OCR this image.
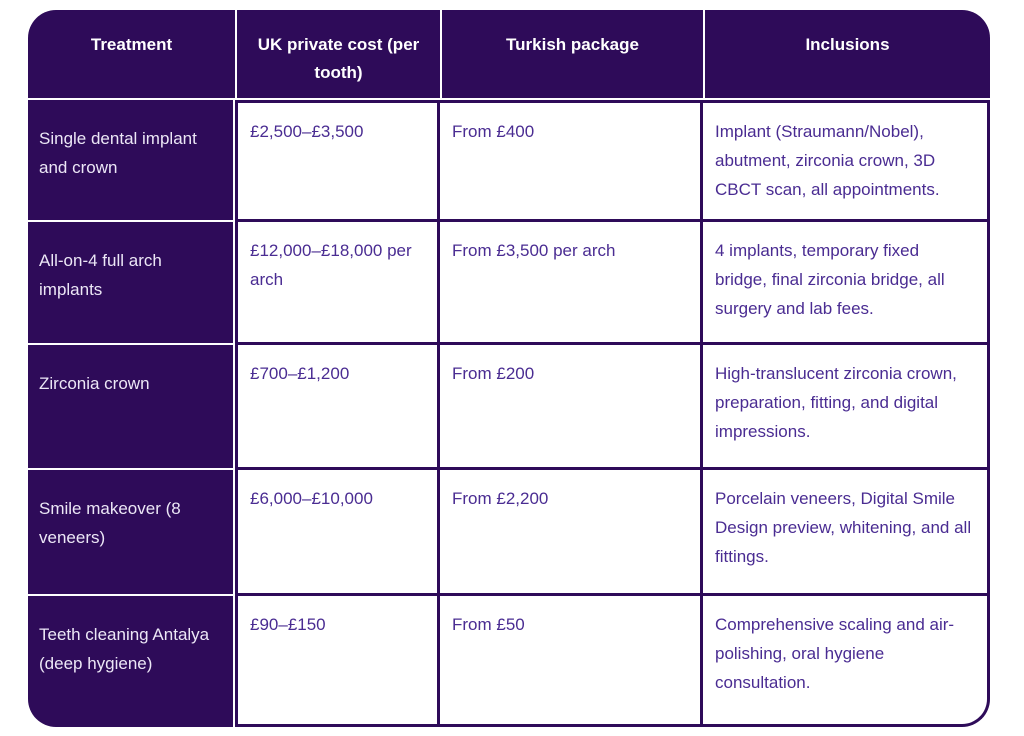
Treatment	UK private cost (per tooth)	Turkish package	Inclusions
Single dental implant and crown	£2,500–£3,500	From £400	Implant (Straumann/Nobel), abutment, zirconia crown, 3D CBCT scan, all appointments.
All-on-4 full arch implants	£12,000–£18,000 per arch	From £3,500 per arch	4 implants, temporary fixed bridge, final zirconia bridge, all surgery and lab fees.
Zirconia crown	£700–£1,200	From £200	High-translucent zirconia crown, preparation, fitting, and digital impressions.
Smile makeover (8 veneers)	£6,000–£10,000	From £2,200	Porcelain veneers, Digital Smile Design preview, whitening, and all fittings.
Teeth cleaning Antalya (deep hygiene)	£90–£150	From £50	Comprehensive scaling and air-polishing, oral hygiene consultation.
